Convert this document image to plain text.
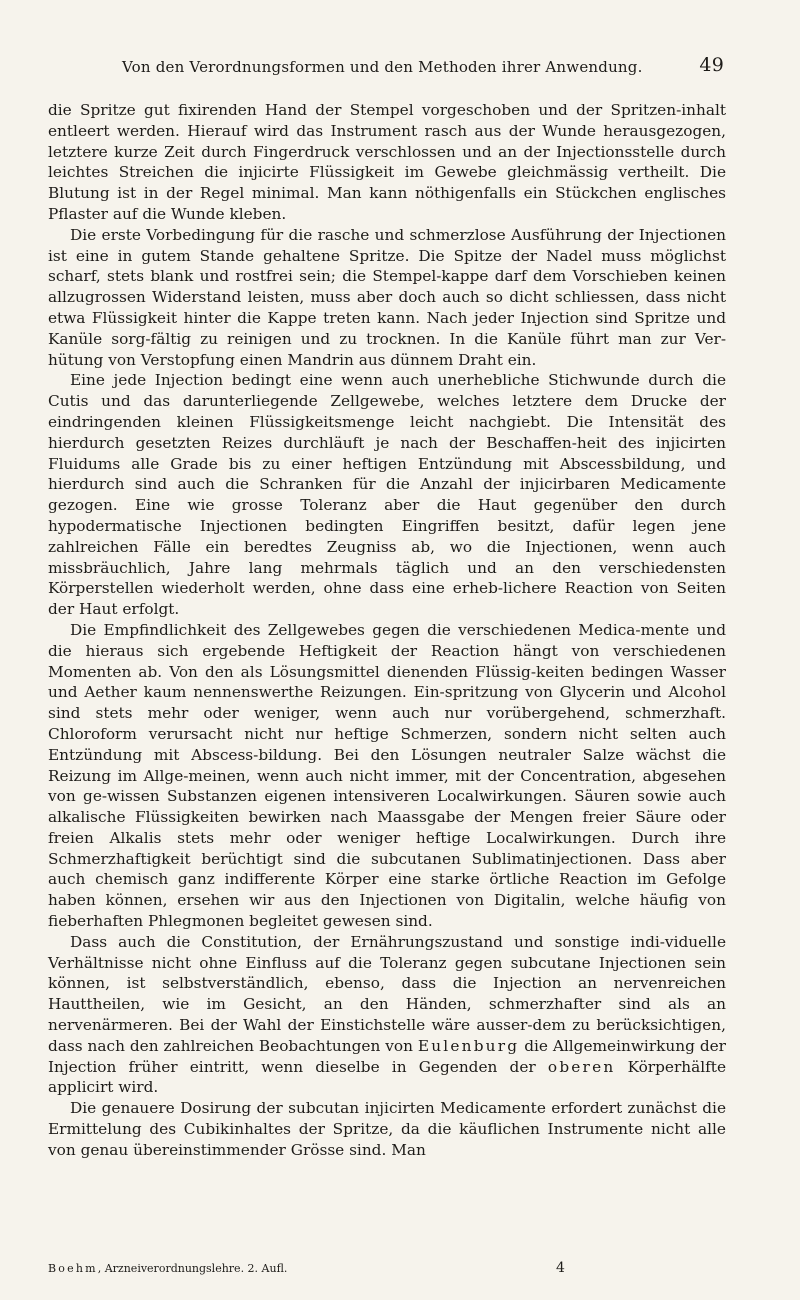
Von den Verordnungsformen und den Methoden ihrer Anwendung.	49

die Spritze gut fixirenden Hand der Stempel vorgeschoben und der Spritzen-inhalt entleert werden. Hierauf wird das Instrument rasch aus der Wunde herausgezogen, letztere kurze Zeit durch Fingerdruck verschlossen und an der Injectionsstelle durch leichtes Streichen die injicirte Flüssigkeit im Gewebe gleichmässig vertheilt. Die Blutung ist in der Regel minimal. Man kann nöthigenfalls ein Stückchen englisches Pflaster auf die Wunde kleben.

Die erste Vorbedingung für die rasche und schmerzlose Ausführung der Injectionen ist eine in gutem Stande gehaltene Spritze. Die Spitze der Nadel muss möglichst scharf, stets blank und rostfrei sein; die Stempel-kappe darf dem Vorschieben keinen allzugrossen Widerstand leisten, muss aber doch auch so dicht schliessen, dass nicht etwa Flüssigkeit hinter die Kappe treten kann. Nach jeder Injection sind Spritze und Kanüle sorg-fältig zu reinigen und zu trocknen. In die Kanüle führt man zur Ver-hütung von Verstopfung einen Mandrin aus dünnem Draht ein.

Eine jede Injection bedingt eine wenn auch unerhebliche Stichwunde durch die Cutis und das darunterliegende Zellgewebe, welches letztere dem Drucke der eindringenden kleinen Flüssigkeitsmenge leicht nachgiebt. Die Intensität des hierdurch gesetzten Reizes durchläuft je nach der Beschaffen-heit des injicirten Fluidums alle Grade bis zu einer heftigen Entzündung mit Abscessbildung, und hierdurch sind auch die Schranken für die Anzahl der injicirbaren Medicamente gezogen. Eine wie grosse Toleranz aber die Haut gegenüber den durch hypodermatische Injectionen bedingten Eingriffen besitzt, dafür legen jene zahlreichen Fälle ein beredtes Zeugniss ab, wo die Injectionen, wenn auch missbräuchlich, Jahre lang mehrmals täglich und an den verschiedensten Körperstellen wiederholt werden, ohne dass eine erheb-lichere Reaction von Seiten der Haut erfolgt.

Die Empfindlichkeit des Zellgewebes gegen die verschiedenen Medica-mente und die hieraus sich ergebende Heftigkeit der Reaction hängt von verschiedenen Momenten ab. Von den als Lösungsmittel dienenden Flüssig-keiten bedingen Wasser und Aether kaum nennenswerthe Reizungen. Ein-spritzung von Glycerin und Alcohol sind stets mehr oder weniger, wenn auch nur vorübergehend, schmerzhaft. Chloroform verursacht nicht nur heftige Schmerzen, sondern nicht selten auch Entzündung mit Abscess-bildung. Bei den Lösungen neutraler Salze wächst die Reizung im Allge-meinen, wenn auch nicht immer, mit der Concentration, abgesehen von ge-wissen Substanzen eigenen intensiveren Localwirkungen. Säuren sowie auch alkalische Flüssigkeiten bewirken nach Maassgabe der Mengen freier Säure oder freien Alkalis stets mehr oder weniger heftige Localwirkungen. Durch ihre Schmerzhaftigkeit berüchtigt sind die subcutanen Sublimatinjectionen. Dass aber auch chemisch ganz indifferente Körper eine starke örtliche Reaction im Gefolge haben können, ersehen wir aus den Injectionen von Digitalin, welche häufig von fieberhaften Phlegmonen begleitet gewesen sind.

Dass auch die Constitution, der Ernährungszustand und sonstige indi-viduelle Verhältnisse nicht ohne Einfluss auf die Toleranz gegen subcutane Injectionen sein können, ist selbstverständlich, ebenso, dass die Injection an nervenreichen Hauttheilen, wie im Gesicht, an den Händen, schmerzhafter sind als an nervenärmeren. Bei der Wahl der Einstichstelle wäre ausser-dem zu berücksichtigen, dass nach den zahlreichen Beobachtungen von Eulenburg die Allgemeinwirkung der Injection früher eintritt, wenn dieselbe in Gegenden der oberen Körperhälfte applicirt wird.

Die genauere Dosirung der subcutan injicirten Medicamente erfordert zunächst die Ermittelung des Cubikinhaltes der Spritze, da die käuflichen Instrumente nicht alle von genau übereinstimmender Grösse sind. Man

Boehm, Arzneiverordnungslehre. 2. Aufl.	4
